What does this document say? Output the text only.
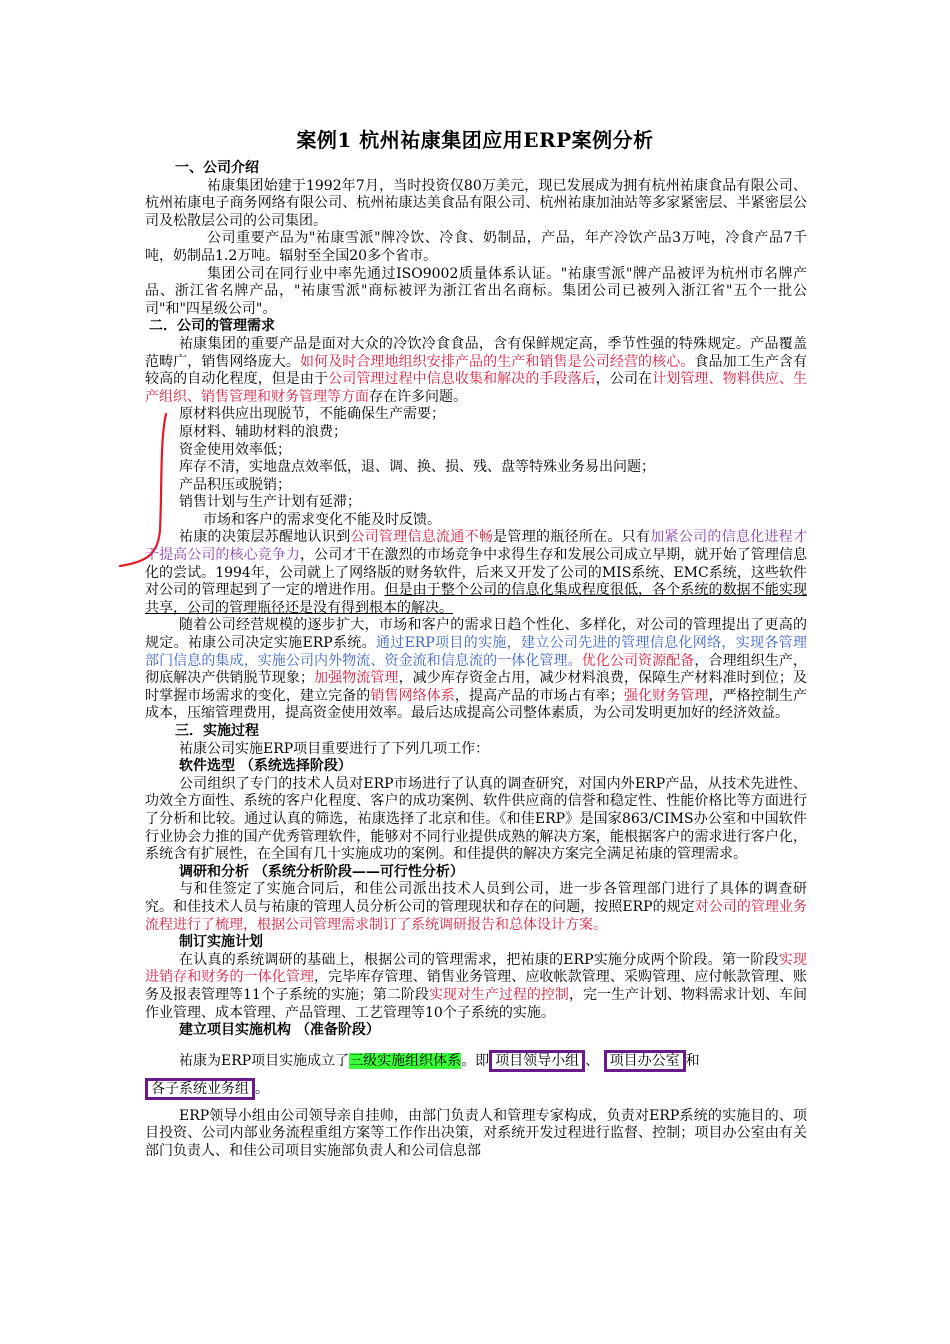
案例1 杭州祐康集团应用ERP案例分析

一、公司介绍

祐康集团始建于1992年7月，当时投资仅80万美元，现已发展成为拥有杭州祐康食品有限公司、杭州祐康电子商务网络有限公司、杭州祐康达美食品有限公司、杭州祐康加油站等多家紧密层、半紧密层公司及松散层公司的公司集团。

公司重要产品为"祐康雪派"牌冷饮、冷食、奶制品，产品，年产冷饮产品3万吨，冷食产品7千吨，奶制品1.2万吨。辐射至全国20多个省市。

集团公司在同行业中率先通过ISO9002质量体系认证。"祐康雪派"牌产品被评为杭州市名牌产品、浙江省名牌产品，"祐康雪派"商标被评为浙江省出名商标。集团公司已被列入浙江省"五个一批公司"和"四星级公司"。

二．公司的管理需求

祐康集团的重要产品是面对大众的冷饮冷食食品，含有保鲜规定高，季节性强的特殊规定。产品覆盖范畴广，销售网络庞大。如何及时合理地组织安排产品的生产和销售是公司经营的核心。食品加工生产含有较高的自动化程度，但是由于公司管理过程中信息收集和解决的手段落后，公司在计划管理、物料供应、生产组织、销售管理和财务管理等方面存在许多问题。

原材料供应出现脱节，不能确保生产需要；

原材料、辅助材料的浪费；

资金使用效率低；

库存不清，实地盘点效率低，退、调、换、损、残、盘等特殊业务易出问题；

产品积压或脱销；

销售计划与生产计划有延滞；

市场和客户的需求变化不能及时反馈。

祐康的决策层苏醒地认识到公司管理信息流通不畅是管理的瓶径所在。只有加紧公司的信息化进程才干提高公司的核心竞争力，公司才干在激烈的市场竞争中求得生存和发展公司成立早期，就开始了管理信息化的尝试。1994年，公司就上了网络版的财务软件，后来又开发了公司的MIS系统、EMC系统，这些软件对公司的管理起到了一定的增进作用。但是由于整个公司的信息化集成程度很低，各个系统的数据不能实现共享，公司的管理瓶径还是没有得到根本的解决。

随着公司经营规模的逐步扩大，市场和客户的需求日趋个性化、多样化，对公司的管理提出了更高的规定。祐康公司决定实施ERP系统。通过ERP项目的实施，建立公司先进的管理信息化网络，实现各管理部门信息的集成，实施公司内外物流、资金流和信息流的一体化管理。优化公司资源配备，合理组织生产，彻底解决产供销脱节现象；加强物流管理，减少库存资金占用，减少材料浪费，保障生产材料准时到位；及时掌握市场需求的变化，建立完备的销售网络体系，提高产品的市场占有率；强化财务管理，严格控制生产成本，压缩管理费用，提高资金使用效率。最后达成提高公司整体素质，为公司发明更加好的经济效益。

三．实施过程

祐康公司实施ERP项目重要进行了下列几项工作：

软件选型 （系统选择阶段）

公司组织了专门的技术人员对ERP市场进行了认真的调查研究，对国内外ERP产品，从技术先进性、功效全方面性、系统的客户化程度、客户的成功案例、软件供应商的信誉和稳定性、性能价格比等方面进行了分析和比较。通过认真的筛选，祐康选择了北京和佳。《和佳ERP》是国家863/CIMS办公室和中国软件行业协会力推的国产优秀管理软件，能够对不同行业提供成熟的解决方案，能根据客户的需求进行客户化，系统含有扩展性，在全国有几十实施成功的案例。和佳提供的解决方案完全满足祐康的管理需求。

调研和分析 （系统分析阶段——可行性分析）

与和佳签定了实施合同后，和佳公司派出技术人员到公司，进一步各管理部门进行了具体的调查研究。和佳技术人员与祐康的管理人员分析公司的管理现状和存在的问题，按照ERP的规定对公司的管理业务流程进行了梳理，根据公司管理需求制订了系统调研报告和总体设计方案。

制订实施计划

在认真的系统调研的基础上，根据公司的管理需求，把祐康的ERP实施分成两个阶段。第一阶段实现进销存和财务的一体化管理，完毕库存管理、销售业务管理、应收帐款管理、采购管理、应付帐款管理、账务及报表管理等11个子系统的实施；第二阶段实现对生产过程的控制，完一生产计划、物料需求计划、车间作业管理、成本管理、产品管理、工艺管理等10个子系统的实施。

建立项目实施机构 （准备阶段）

祐康为ERP项目实施成立了三级实施组织体系。即 项目领导小组 、 项目办公室 和

各子系统业务组 。

ERP领导小组由公司领导亲自挂帅，由部门负责人和管理专家构成，负责对ERP系统的实施目的、项目投资、公司内部业务流程重组方案等工作作出决策，对系统开发过程进行监督、控制；项目办公室由有关部门负责人、和佳公司项目实施部负责人和公司信息部
